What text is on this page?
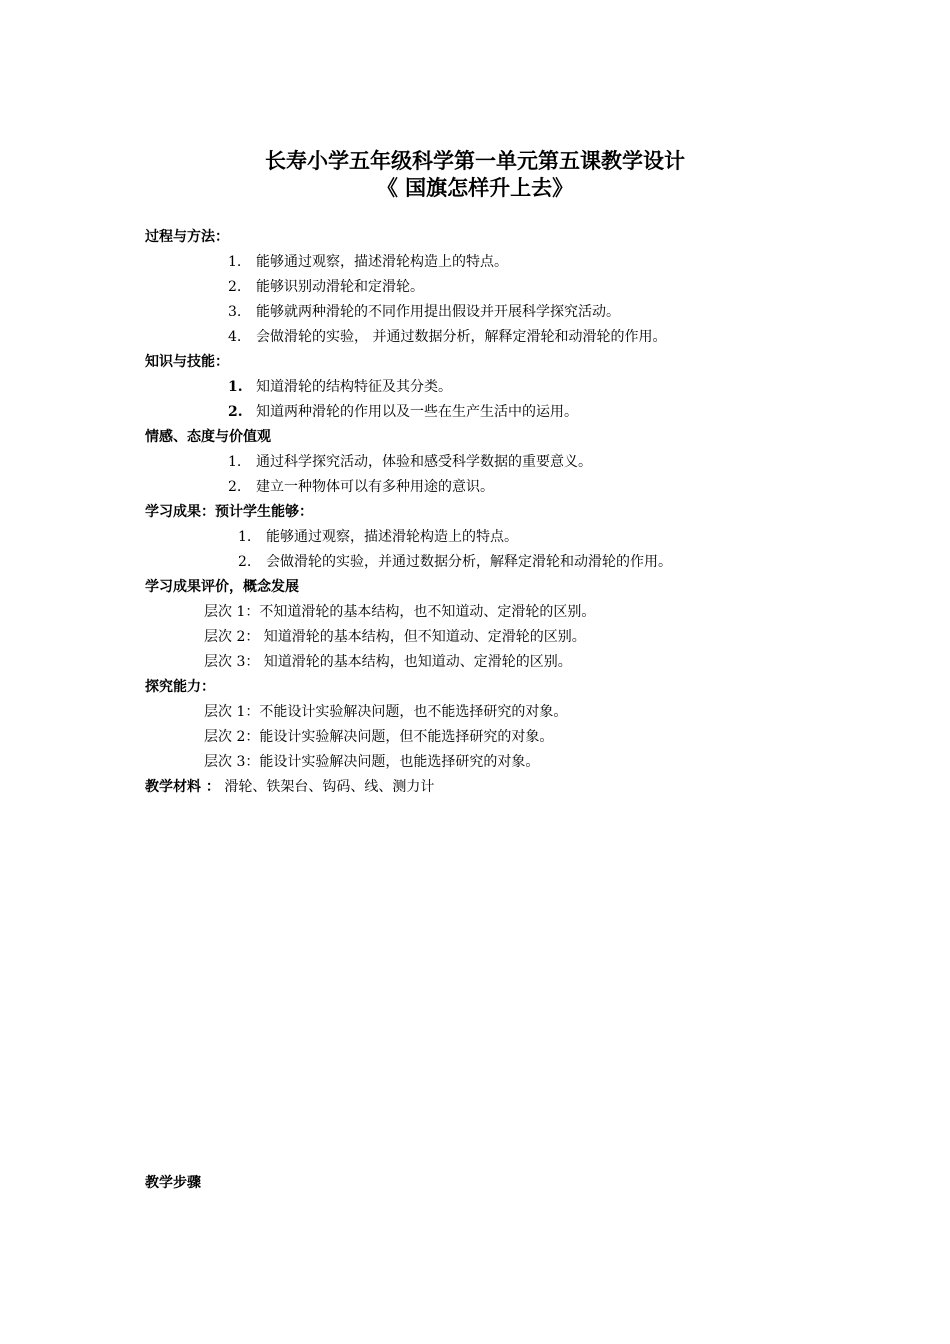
长寿小学五年级科学第一单元第五课教学设计
《 国旗怎样升上去》
过程与方法：
1. 能够通过观察，描述滑轮构造上的特点。
2. 能够识别动滑轮和定滑轮。
3. 能够就两种滑轮的不同作用提出假设并开展科学探究活动。
4. 会做滑轮的实验， 并通过数据分析，解释定滑轮和动滑轮的作用。
知识与技能：
1. 知道滑轮的结构特征及其分类。
2. 知道两种滑轮的作用以及一些在生产生活中的运用。
情感、态度与价值观
1. 通过科学探究活动，体验和感受科学数据的重要意义。
2. 建立一种物体可以有多种用途的意识。
学习成果：预计学生能够：
1. 能够通过观察，描述滑轮构造上的特点。
2. 会做滑轮的实验，并通过数据分析，解释定滑轮和动滑轮的作用。
学习成果评价，概念发展
层次 1：不知道滑轮的基本结构，也不知道动、定滑轮的区别。
层次 2： 知道滑轮的基本结构，但不知道动、定滑轮的区别。
层次 3： 知道滑轮的基本结构，也知道动、定滑轮的区别。
探究能力：
层次 1：不能设计实验解决问题，也不能选择研究的对象。
层次 2：能设计实验解决问题，但不能选择研究的对象。
层次 3：能设计实验解决问题，也能选择研究的对象。
教学材料 ： 滑轮、铁架台、钩码、线、测力计
教学步骤
